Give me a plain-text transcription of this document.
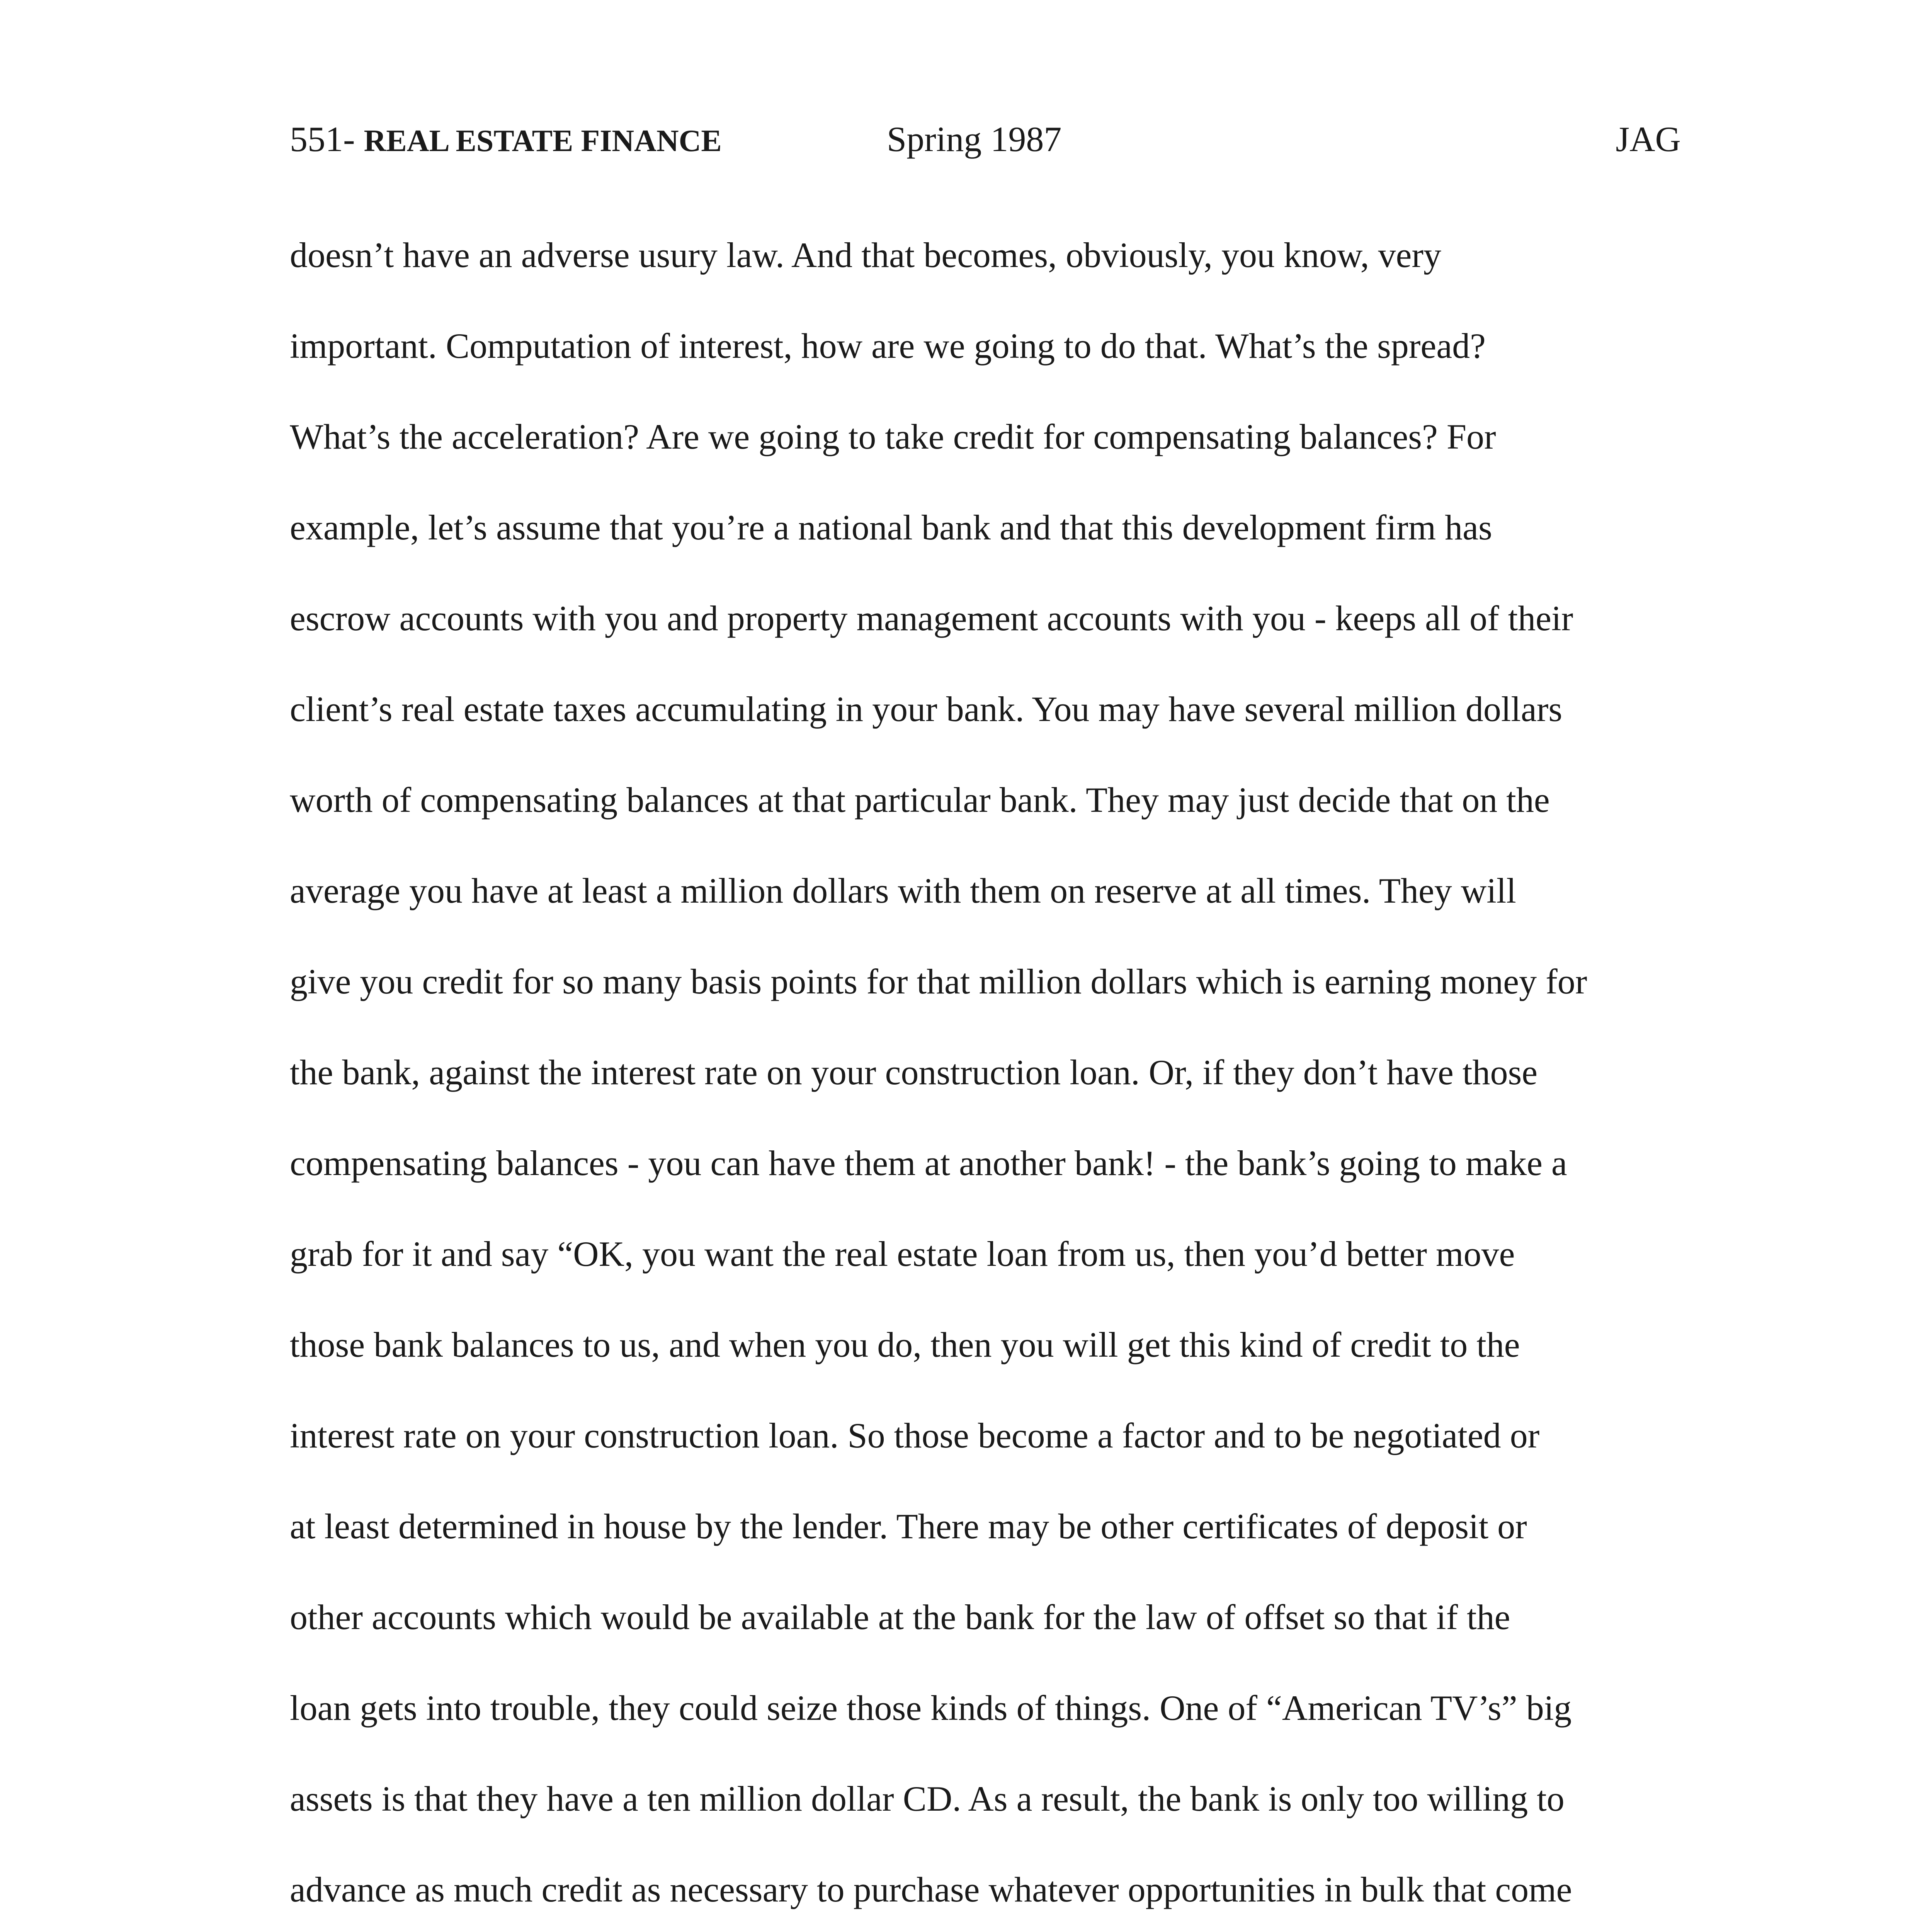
551- REAL ESTATE FINANCE	Spring 1987	JAG
doesn’t have an adverse usury law. And that becomes, obviously, you know, very
important. Computation of interest, how are we going to do that. What’s the spread?
What’s the acceleration? Are we going to take credit for compensating balances? For
example, let’s assume that you’re a national bank and that this development firm has
escrow accounts with you and property management accounts with you - keeps all of their
client’s real estate taxes accumulating in your bank. You may have several million dollars
worth of compensating balances at that particular bank. They may just decide that on the
average you have at least a million dollars with them on reserve at all times. They will
give you credit for so many basis points for that million dollars which is earning money for
the bank, against the interest rate on your construction loan. Or, if they don’t have those
compensating balances - you can have them at another bank! - the bank’s going to make a
grab for it and say “OK, you want the real estate loan from us, then you’d better move
those bank balances to us, and when you do, then you will get this kind of credit to the
interest rate on your construction loan. So those become a factor and to be negotiated or
at least determined in house by the lender. There may be other certificates of deposit or
other accounts which would be available at the bank for the law of offset so that if the
loan gets into trouble, they could seize those kinds of things. One of “American TV’s” big
assets is that they have a ten million dollar CD. As a result, the bank is only too willing to
advance as much credit as necessary to purchase whatever opportunities in bulk that come
